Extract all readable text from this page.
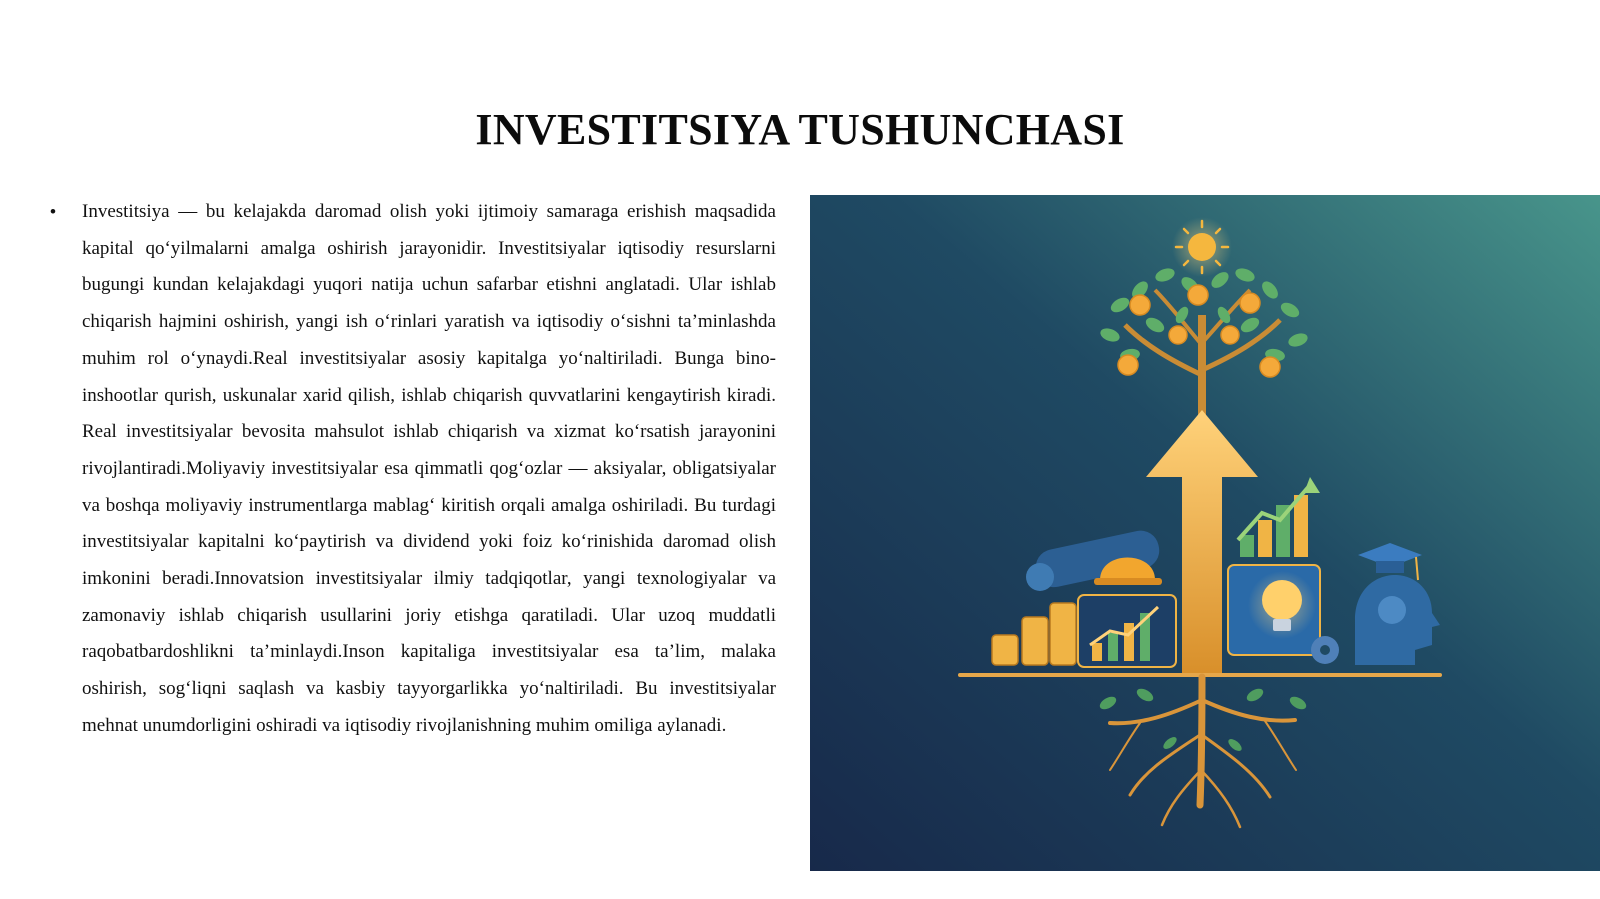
INVESTITSIYA TUSHUNCHASI
• Investitsiya — bu kelajakda daromad olish yoki ijtimoiy samaraga erishish maqsadida kapital qo‘yilmalarni amalga oshirish jarayonidir. Investitsiyalar iqtisodiy resurslarni bugungi kundan kelajakdagi yuqori natija uchun safarbar etishni anglatadi. Ular ishlab chiqarish hajmini oshirish, yangi ish o‘rinlari yaratish va iqtisodiy o‘sishni ta’minlashda muhim rol o‘ynaydi.Real investitsiyalar asosiy kapitalga yo‘naltiriladi. Bunga bino-inshootlar qurish, uskunalar xarid qilish, ishlab chiqarish quvvatlarini kengaytirish kiradi. Real investitsiyalar bevosita mahsulot ishlab chiqarish va xizmat ko‘rsatish jarayonini rivojlantiradi.Moliyaviy investitsiyalar esa qimmatli qog‘ozlar — aksiyalar, obligatsiyalar va boshqa moliyaviy instrumentlarga mablag‘ kiritish orqali amalga oshiriladi. Bu turdagi investitsiyalar kapitalni ko‘paytirish va dividend yoki foiz ko‘rinishida daromad olish imkonini beradi.Innovatsion investitsiyalar ilmiy tadqiqotlar, yangi texnologiyalar va zamonaviy ishlab chiqarish usullarini joriy etishga qaratiladi. Ular uzoq muddatli raqobatbardoshlikni ta’minlaydi.Inson kapitaliga investitsiyalar esa ta’lim, malaka oshirish, sog‘liqni saqlash va kasbiy tayyorgarlikka yo‘naltiriladi. Bu investitsiyalar mehnat unumdorligini oshiradi va iqtisodiy rivojlanishning muhim omiliga aylanadi.
